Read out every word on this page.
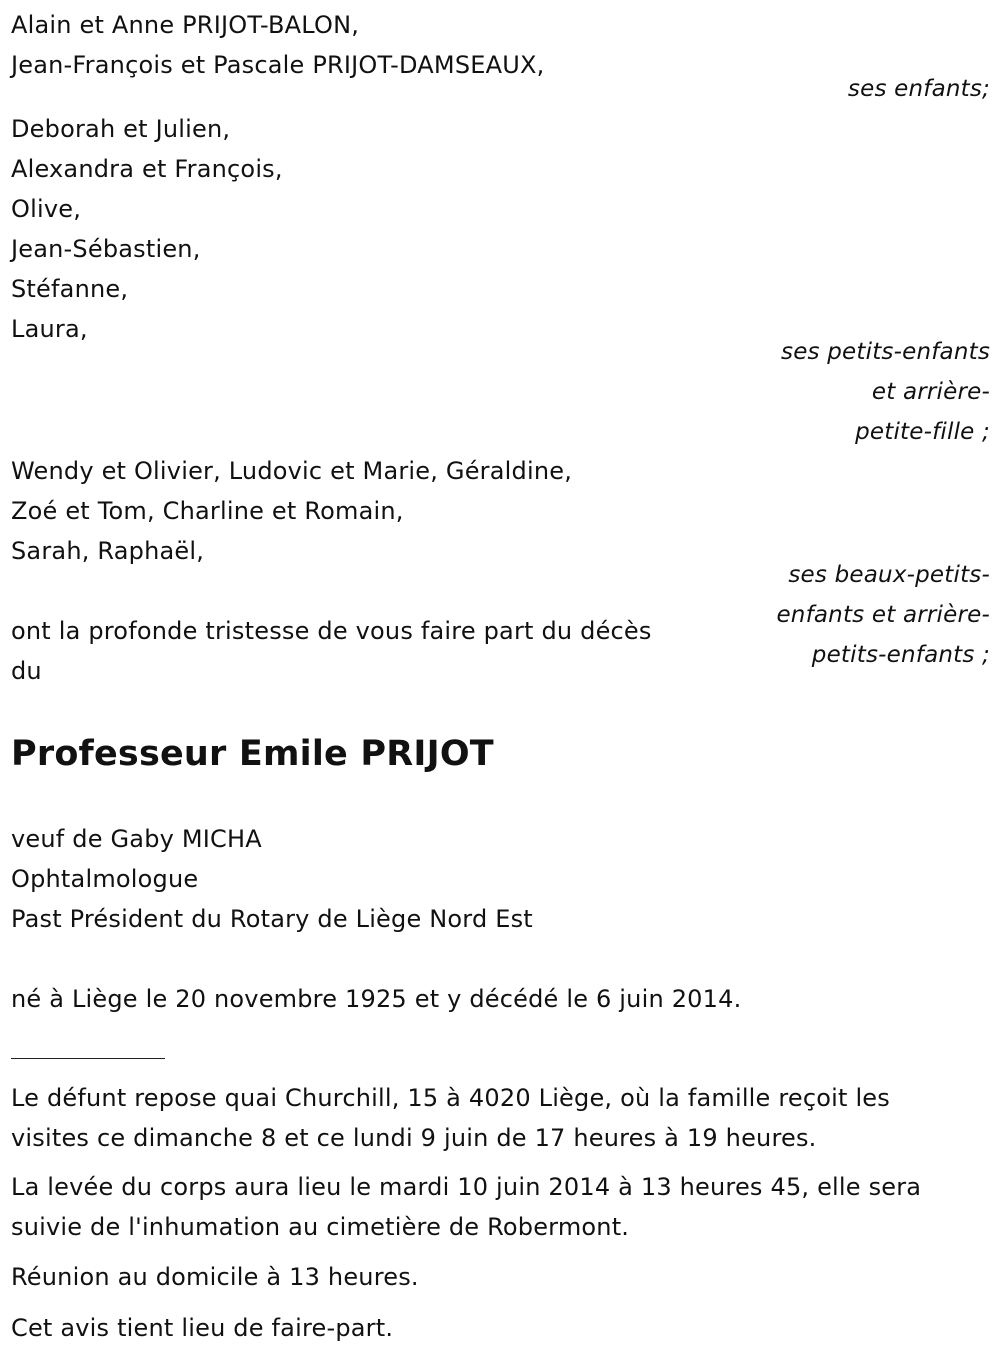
Alain et Anne PRIJOT-BALON,
Jean-François et Pascale PRIJOT-DAMSEAUX,
ses enfants;
Deborah et Julien,
Alexandra et François,
Olive,
Jean-Sébastien,
Stéfanne,
Laura,
ses petits-enfants
et arrière-
petite-fille ;
Wendy et Olivier, Ludovic et Marie, Géraldine,
Zoé et Tom, Charline et Romain,
Sarah, Raphaël,
ses beaux-petits-
enfants et arrière-
petits-enfants ;
ont la profonde tristesse de vous faire part du décès
du
Professeur Emile PRIJOT
veuf de Gaby MICHA
Ophtalmologue
Past Président du Rotary de Liège Nord Est
né à Liège le 20 novembre 1925 et y décédé le 6 juin 2014.
Le défunt repose quai Churchill, 15 à 4020 Liège, où la famille reçoit les
visites ce dimanche 8 et ce lundi 9 juin de 17 heures à 19 heures.
La levée du corps aura lieu le mardi 10 juin 2014 à 13 heures 45, elle sera
suivie de l'inhumation au cimetière de Robermont.
Réunion au domicile à 13 heures.
Cet avis tient lieu de faire-part.
